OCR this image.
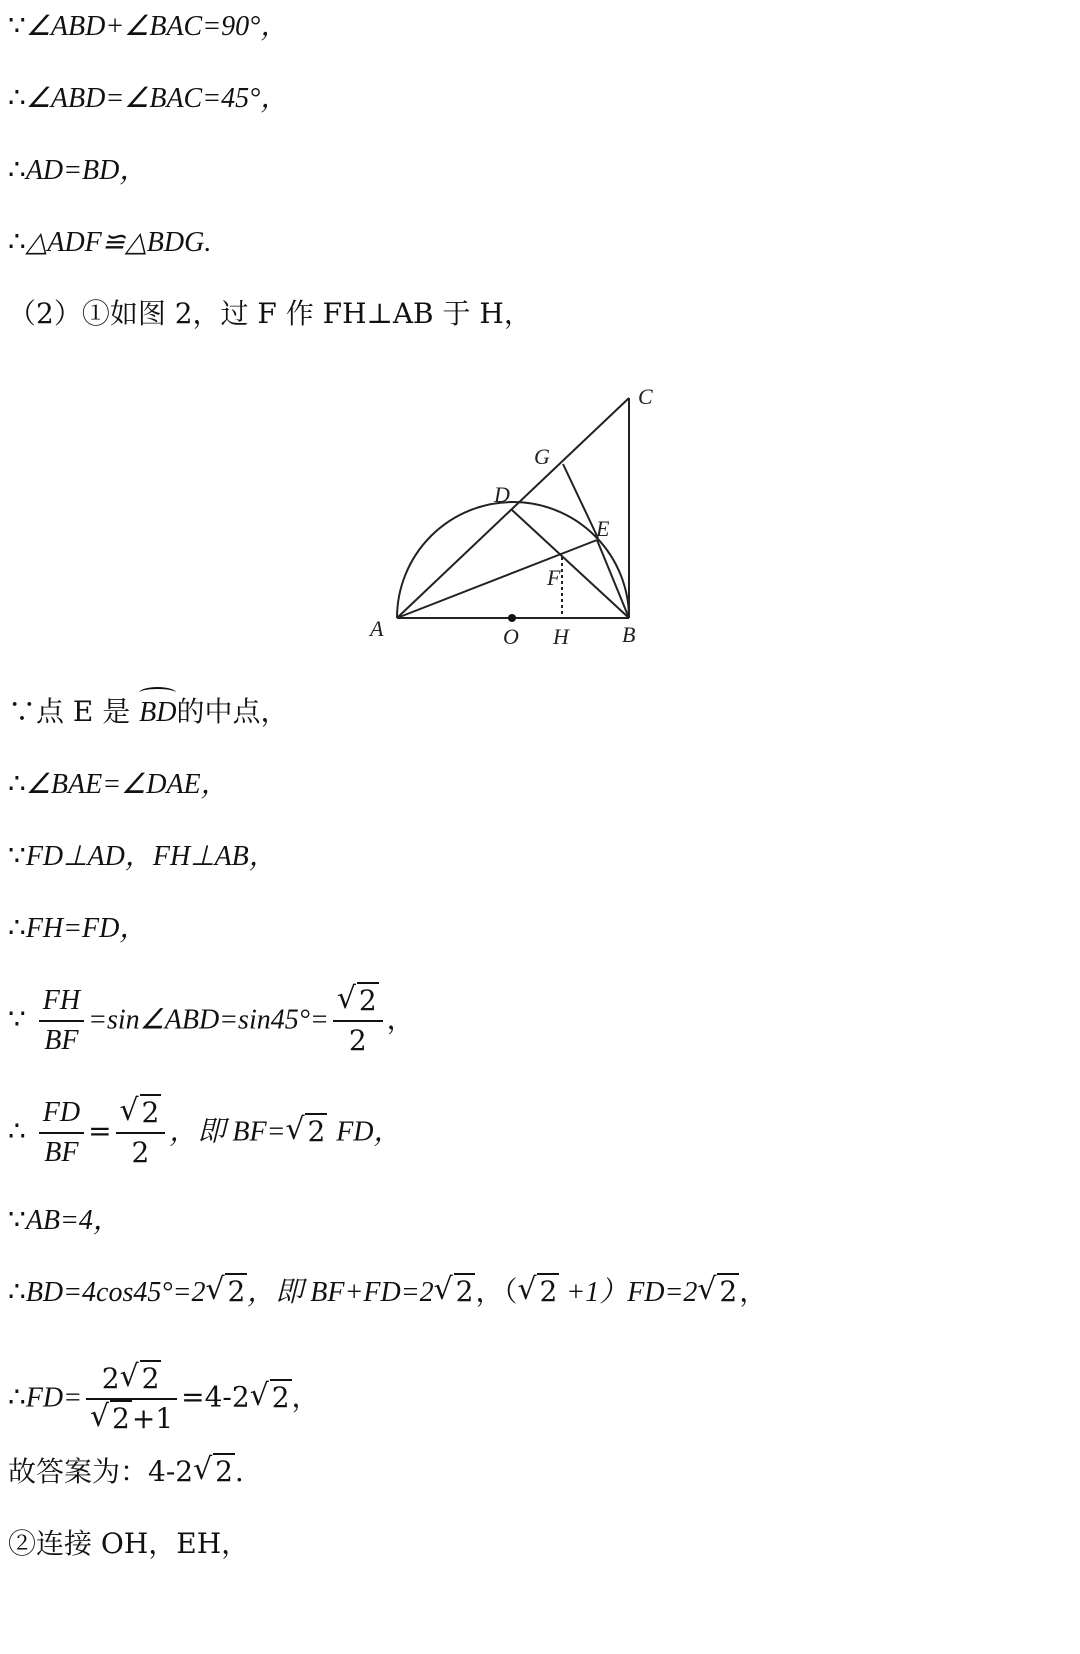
∵∠ABD+∠BAC=90°，
∴∠ABD=∠BAC=45°，
∴AD=BD，
∴△ADF≌△BDG.
（2）①如图 2，过 F 作 FH⊥AB 于 H，
A	B
C
D
E
F
G
H
O
∵点 E 是 BD的中点，
∴∠BAE=∠DAE，
∵FD⊥AD，FH⊥AB，
∴FH=FD，
∵ $\frac{FH}{BF}$ =sin∠ABD=sin45°= √ $\frac{2}{2}$ ，
∴ $\frac{FD}{BF}$ = √ $\frac{2}{2}$ ，即 BF= √ 2 FD，
∵AB=4，
∴BD=4cos45°=2 √ 2，即 BF+FD=2 √ 2，（ √ 2 +1）FD=2 √ 2，
∴FD= 2 √ 2
√ 2+1 =4-2 √ 2，
故答案为：4-2 √ 2.
②连接 OH，EH，
